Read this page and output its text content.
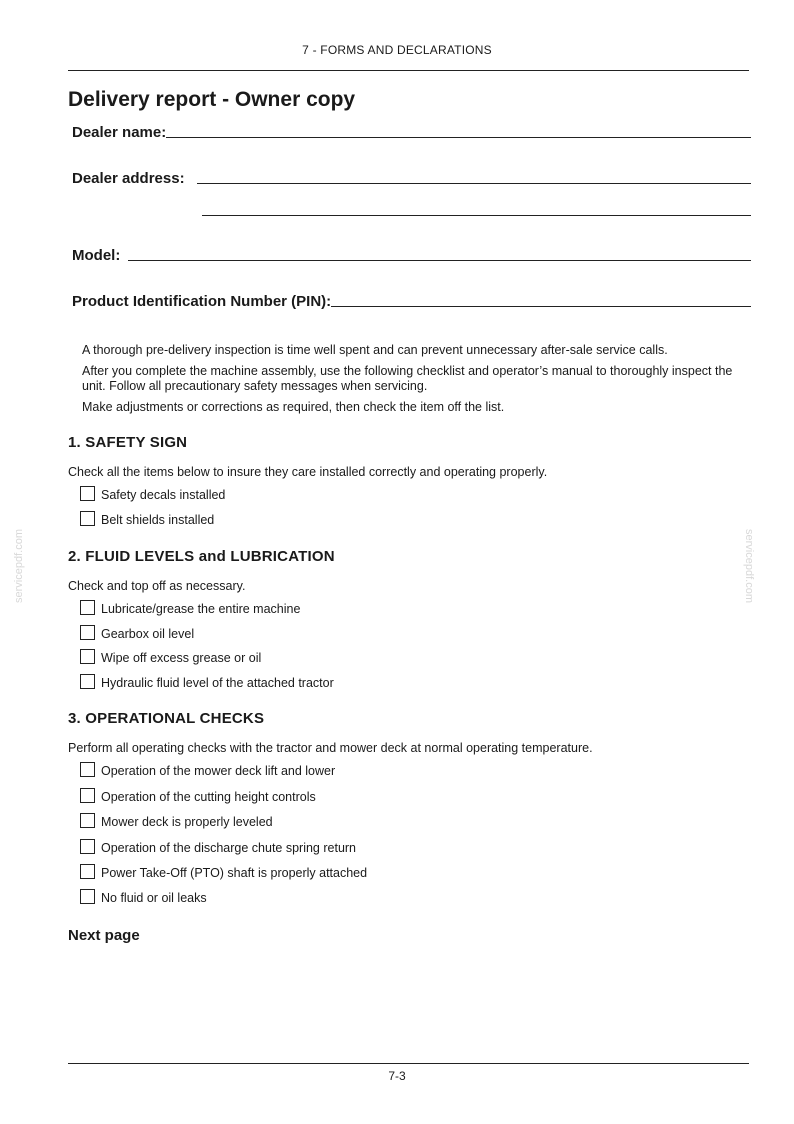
7 - FORMS AND DECLARATIONS
Delivery report - Owner copy
Dealer name:
Dealer address:
Model:
Product Identification Number (PIN):

A thorough pre-delivery inspection is time well spent and can prevent unnecessary after-sale service calls.

After you complete the machine assembly, use the following checklist and operator’s manual to thoroughly inspect the unit. Follow all precautionary safety messages when servicing.

Make adjustments or corrections as required, then check the item off the list.

1. SAFETY SIGN
Check all the items below to insure they care installed correctly and operating properly.
Safety decals installed
Belt shields installed
2. FLUID LEVELS and LUBRICATION
Check and top off as necessary.
Lubricate/grease the entire machine
Gearbox oil level
Wipe off excess grease or oil
Hydraulic fluid level of the attached tractor
3. OPERATIONAL CHECKS
Perform all operating checks with the tractor and mower deck at normal operating temperature.
Operation of the mower deck lift and lower
Operation of the cutting height controls
Mower deck is properly leveled
Operation of the discharge chute spring return
Power Take-Off (PTO) shaft is properly attached
No fluid or oil leaks
Next page
servicepdf.com	servicepdf.com
7-3
